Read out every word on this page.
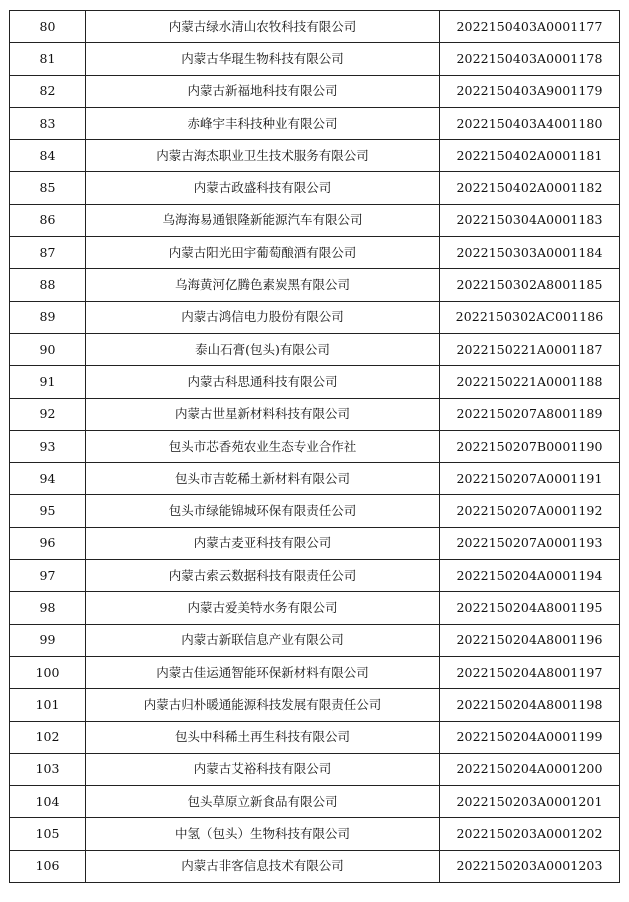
80	内蒙古绿水清山农牧科技有限公司	2022150403A0001177
81	内蒙古华琨生物科技有限公司	2022150403A0001178
82	内蒙古新福地科技有限公司	2022150403A9001179
83	赤峰宇丰科技种业有限公司	2022150403A4001180
84	内蒙古海杰职业卫生技术服务有限公司	2022150402A0001181
85	内蒙古政盛科技有限公司	2022150402A0001182
86	乌海海易通银隆新能源汽车有限公司	2022150304A0001183
87	内蒙古阳光田宇葡萄酿酒有限公司	2022150303A0001184
88	乌海黄河亿腾色素炭黑有限公司	2022150302A8001185
89	内蒙古鸿信电力股份有限公司	2022150302AC001186
90	泰山石膏(包头)有限公司	2022150221A0001187
91	内蒙古科思通科技有限公司	2022150221A0001188
92	内蒙古世星新材料科技有限公司	2022150207A8001189
93	包头市芯香苑农业生态专业合作社	2022150207B0001190
94	包头市吉乾稀土新材料有限公司	2022150207A0001191
95	包头市绿能锦城环保有限责任公司	2022150207A0001192
96	内蒙古麦亚科技有限公司	2022150207A0001193
97	内蒙古索云数据科技有限责任公司	2022150204A0001194
98	内蒙古爱美特水务有限公司	2022150204A8001195
99	内蒙古新联信息产业有限公司	2022150204A8001196
100	内蒙古佳运通智能环保新材料有限公司	2022150204A8001197
101	内蒙古归朴暖通能源科技发展有限责任公司	2022150204A8001198
102	包头中科稀土再生科技有限公司	2022150204A0001199
103	内蒙古艾裕科技有限公司	2022150204A0001200
104	包头草原立新食品有限公司	2022150203A0001201
105	中氢（包头）生物科技有限公司	2022150203A0001202
106	内蒙古非客信息技术有限公司	2022150203A0001203
